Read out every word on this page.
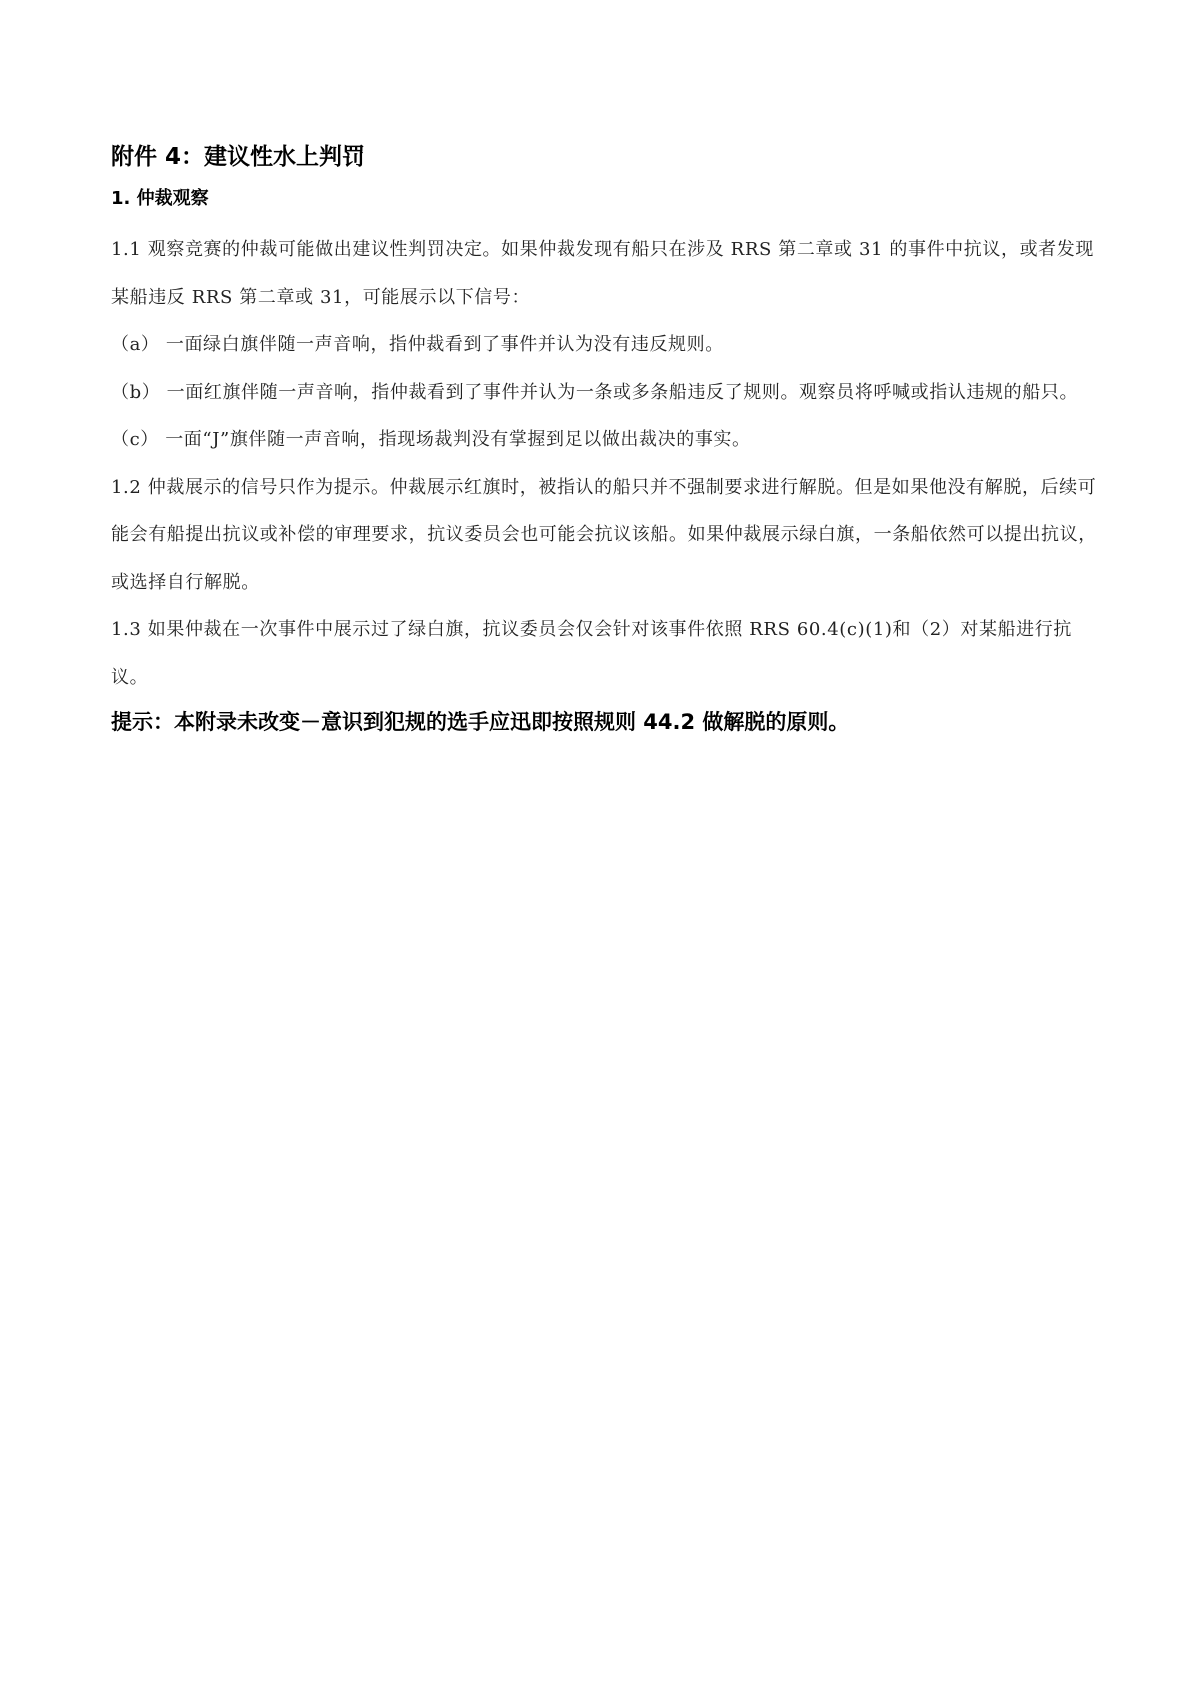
附件 4：建议性水上判罚
1. 仲裁观察

1.1 观察竞赛的仲裁可能做出建议性判罚决定。如果仲裁发现有船只在涉及 RRS 第二章或 31 的事件中抗议，或者发现某船违反 RRS 第二章或 31，可能展示以下信号：

（a） 一面绿白旗伴随一声音响，指仲裁看到了事件并认为没有违反规则。

（b） 一面红旗伴随一声音响，指仲裁看到了事件并认为一条或多条船违反了规则。观察员将呼喊或指认违规的船只。

（c） 一面“J”旗伴随一声音响，指现场裁判没有掌握到足以做出裁决的事实。

1.2 仲裁展示的信号只作为提示。仲裁展示红旗时，被指认的船只并不强制要求进行解脱。但是如果他没有解脱，后续可能会有船提出抗议或补偿的审理要求，抗议委员会也可能会抗议该船。如果仲裁展示绿白旗，一条船依然可以提出抗议，或选择自行解脱。

1.3 如果仲裁在一次事件中展示过了绿白旗，抗议委员会仅会针对该事件依照 RRS 60.4(c)(1)和（2）对某船进行抗议。

提示：本附录未改变－意识到犯规的选手应迅即按照规则 44.2 做解脱的原则。
